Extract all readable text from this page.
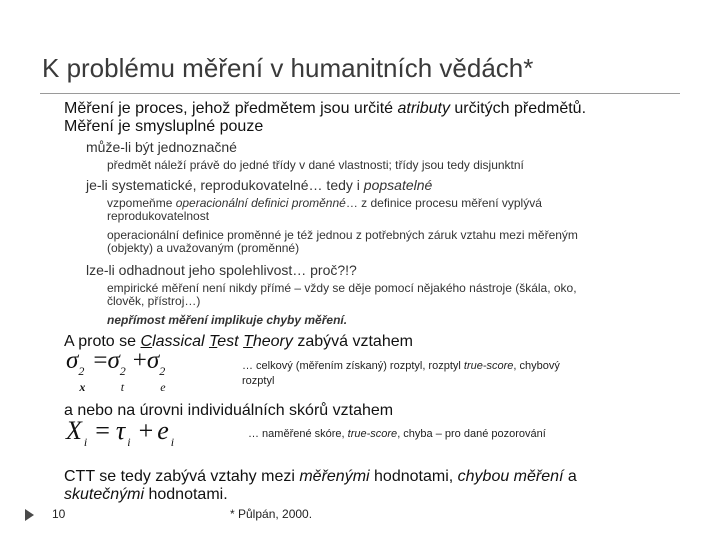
K problému měření v humanitních vědách*
Měření je proces, jehož předmětem jsou určité atributy určitých předmětů.
Měření je smysluplné pouze
může-li být jednoznačné
předmět náleží právě do jedné třídy v dané vlastnosti; třídy jsou tedy disjunktní
je-li systematické, reprodukovatelné… tedy i popsatelné
vzpomeňme operacionální definici proměnné… z definice procesu měření vyplývá
reprodukovatelnost
operacionální definice proměnné je též jednou z potřebných záruk vztahu mezi měřeným
(objekty) a uvažovaným (proměnné)
lze-li odhadnout jeho spolehlivost… proč?!?
empirické měření není nikdy přímé – vždy se děje pomocí nějakého nástroje (škála, oko,
člověk, přístroj…)
nepřímost měření implikuje chyby měření.
A proto se Classical Test Theory zabývá vztahem
σ 2
x
=σ 2
t
+σ 2
e
… celkový (měřením získaný) rozptyl, rozptyl true-score, chybový
rozptyl
a nebo na úrovni individuálních skórů vztahem
X $_i$ = τ $_i$ + e $_i$
… naměřené skóre, true-score, chyba – pro dané pozorování
CTT se tedy zabývá vztahy mezi měřenými hodnotami, chybou měření a
skutečnými hodnotami.
10	* Půlpán, 2000.
